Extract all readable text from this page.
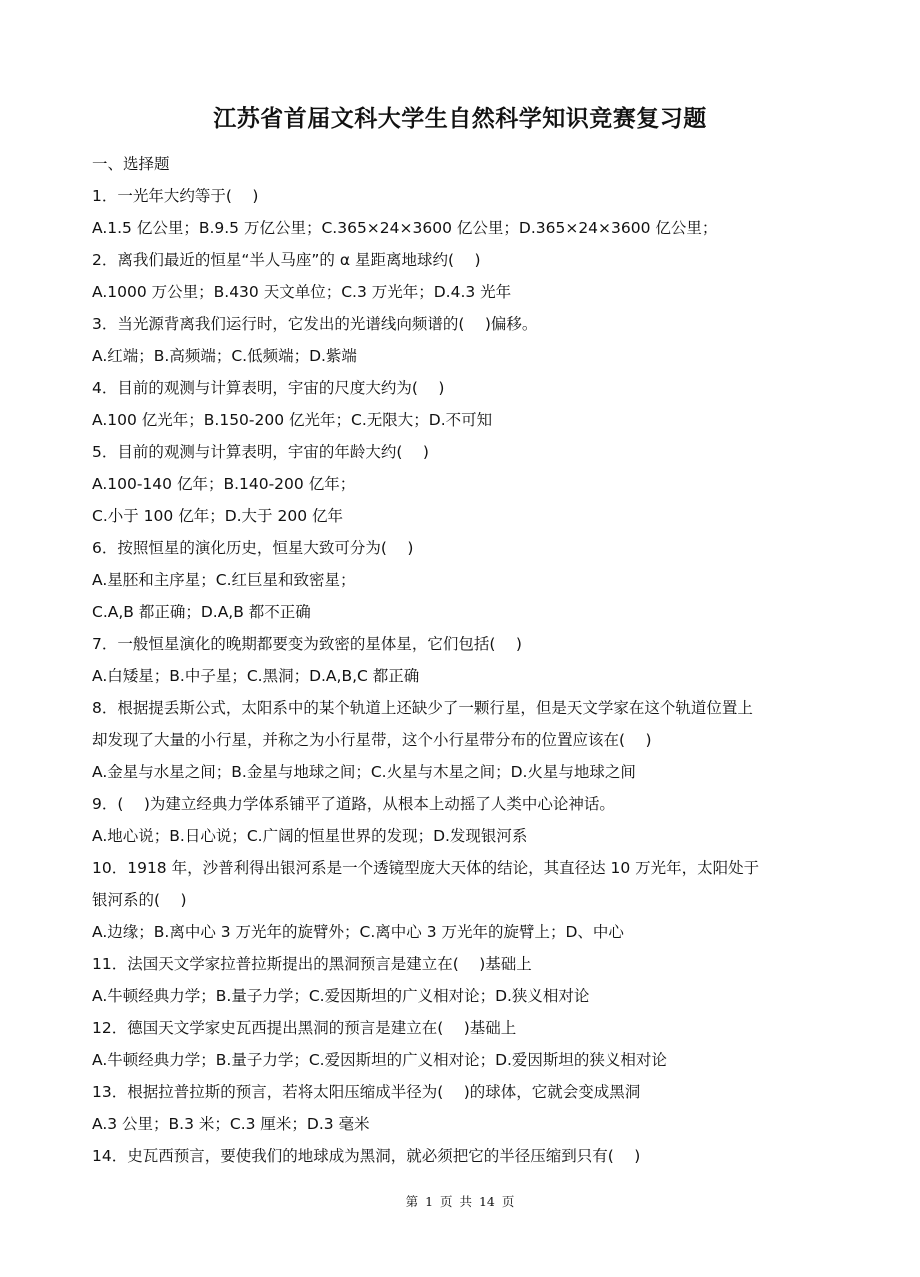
江苏省首届文科大学生自然科学知识竞赛复习题
一、选择题
1．一光年大约等于(　 )
A.1.5 亿公里；B.9.5 万亿公里；C.365×24×3600 亿公里；D.365×24×3600 亿公里；
2．离我们最近的恒星“半人马座”的 α 星距离地球约(　 )
A.1000 万公里；B.430 天文单位；C.3 万光年；D.4.3 光年
3．当光源背离我们运行时，它发出的光谱线向频谱的(　 )偏移。
A.红端；B.高频端；C.低频端；D.紫端
4．目前的观测与计算表明，宇宙的尺度大约为(　 )
A.100 亿光年；B.150-200 亿光年；C.无限大；D.不可知
5．目前的观测与计算表明，宇宙的年龄大约(　 )
A.100-140 亿年；B.140-200 亿年；
C.小于 100 亿年；D.大于 200 亿年
6．按照恒星的演化历史，恒星大致可分为(　 )
A.星胚和主序星；C.红巨星和致密星；
C.A,B 都正确；D.A,B 都不正确
7．一般恒星演化的晚期都要变为致密的星体星，它们包括(　 )
A.白矮星；B.中子星；C.黑洞；D.A,B,C 都正确
8．根据提丢斯公式，太阳系中的某个轨道上还缺少了一颗行星，但是天文学家在这个轨道位置上
却发现了大量的小行星，并称之为小行星带，这个小行星带分布的位置应该在(　 )
A.金星与水星之间；B.金星与地球之间；C.火星与木星之间；D.火星与地球之间
9．(　 )为建立经典力学体系铺平了道路，从根本上动摇了人类中心论神话。
A.地心说；B.日心说；C.广阔的恒星世界的发现；D.发现银河系
10．1918 年，沙普利得出银河系是一个透镜型庞大天体的结论，其直径达 10 万光年，太阳处于
银河系的(　 )
A.边缘；B.离中心 3 万光年的旋臂外；C.离中心 3 万光年的旋臂上；D、中心
11．法国天文学家拉普拉斯提出的黑洞预言是建立在(　 )基础上
A.牛顿经典力学；B.量子力学；C.爱因斯坦的广义相对论；D.狭义相对论
12．德国天文学家史瓦西提出黑洞的预言是建立在(　 )基础上
A.牛顿经典力学；B.量子力学；C.爱因斯坦的广义相对论；D.爱因斯坦的狭义相对论
13．根据拉普拉斯的预言，若将太阳压缩成半径为(　 )的球体，它就会变成黑洞
A.3 公里；B.3 米；C.3 厘米；D.3 毫米
14．史瓦西预言，要使我们的地球成为黑洞，就必须把它的半径压缩到只有(　 )
第 1 页 共 14 页
